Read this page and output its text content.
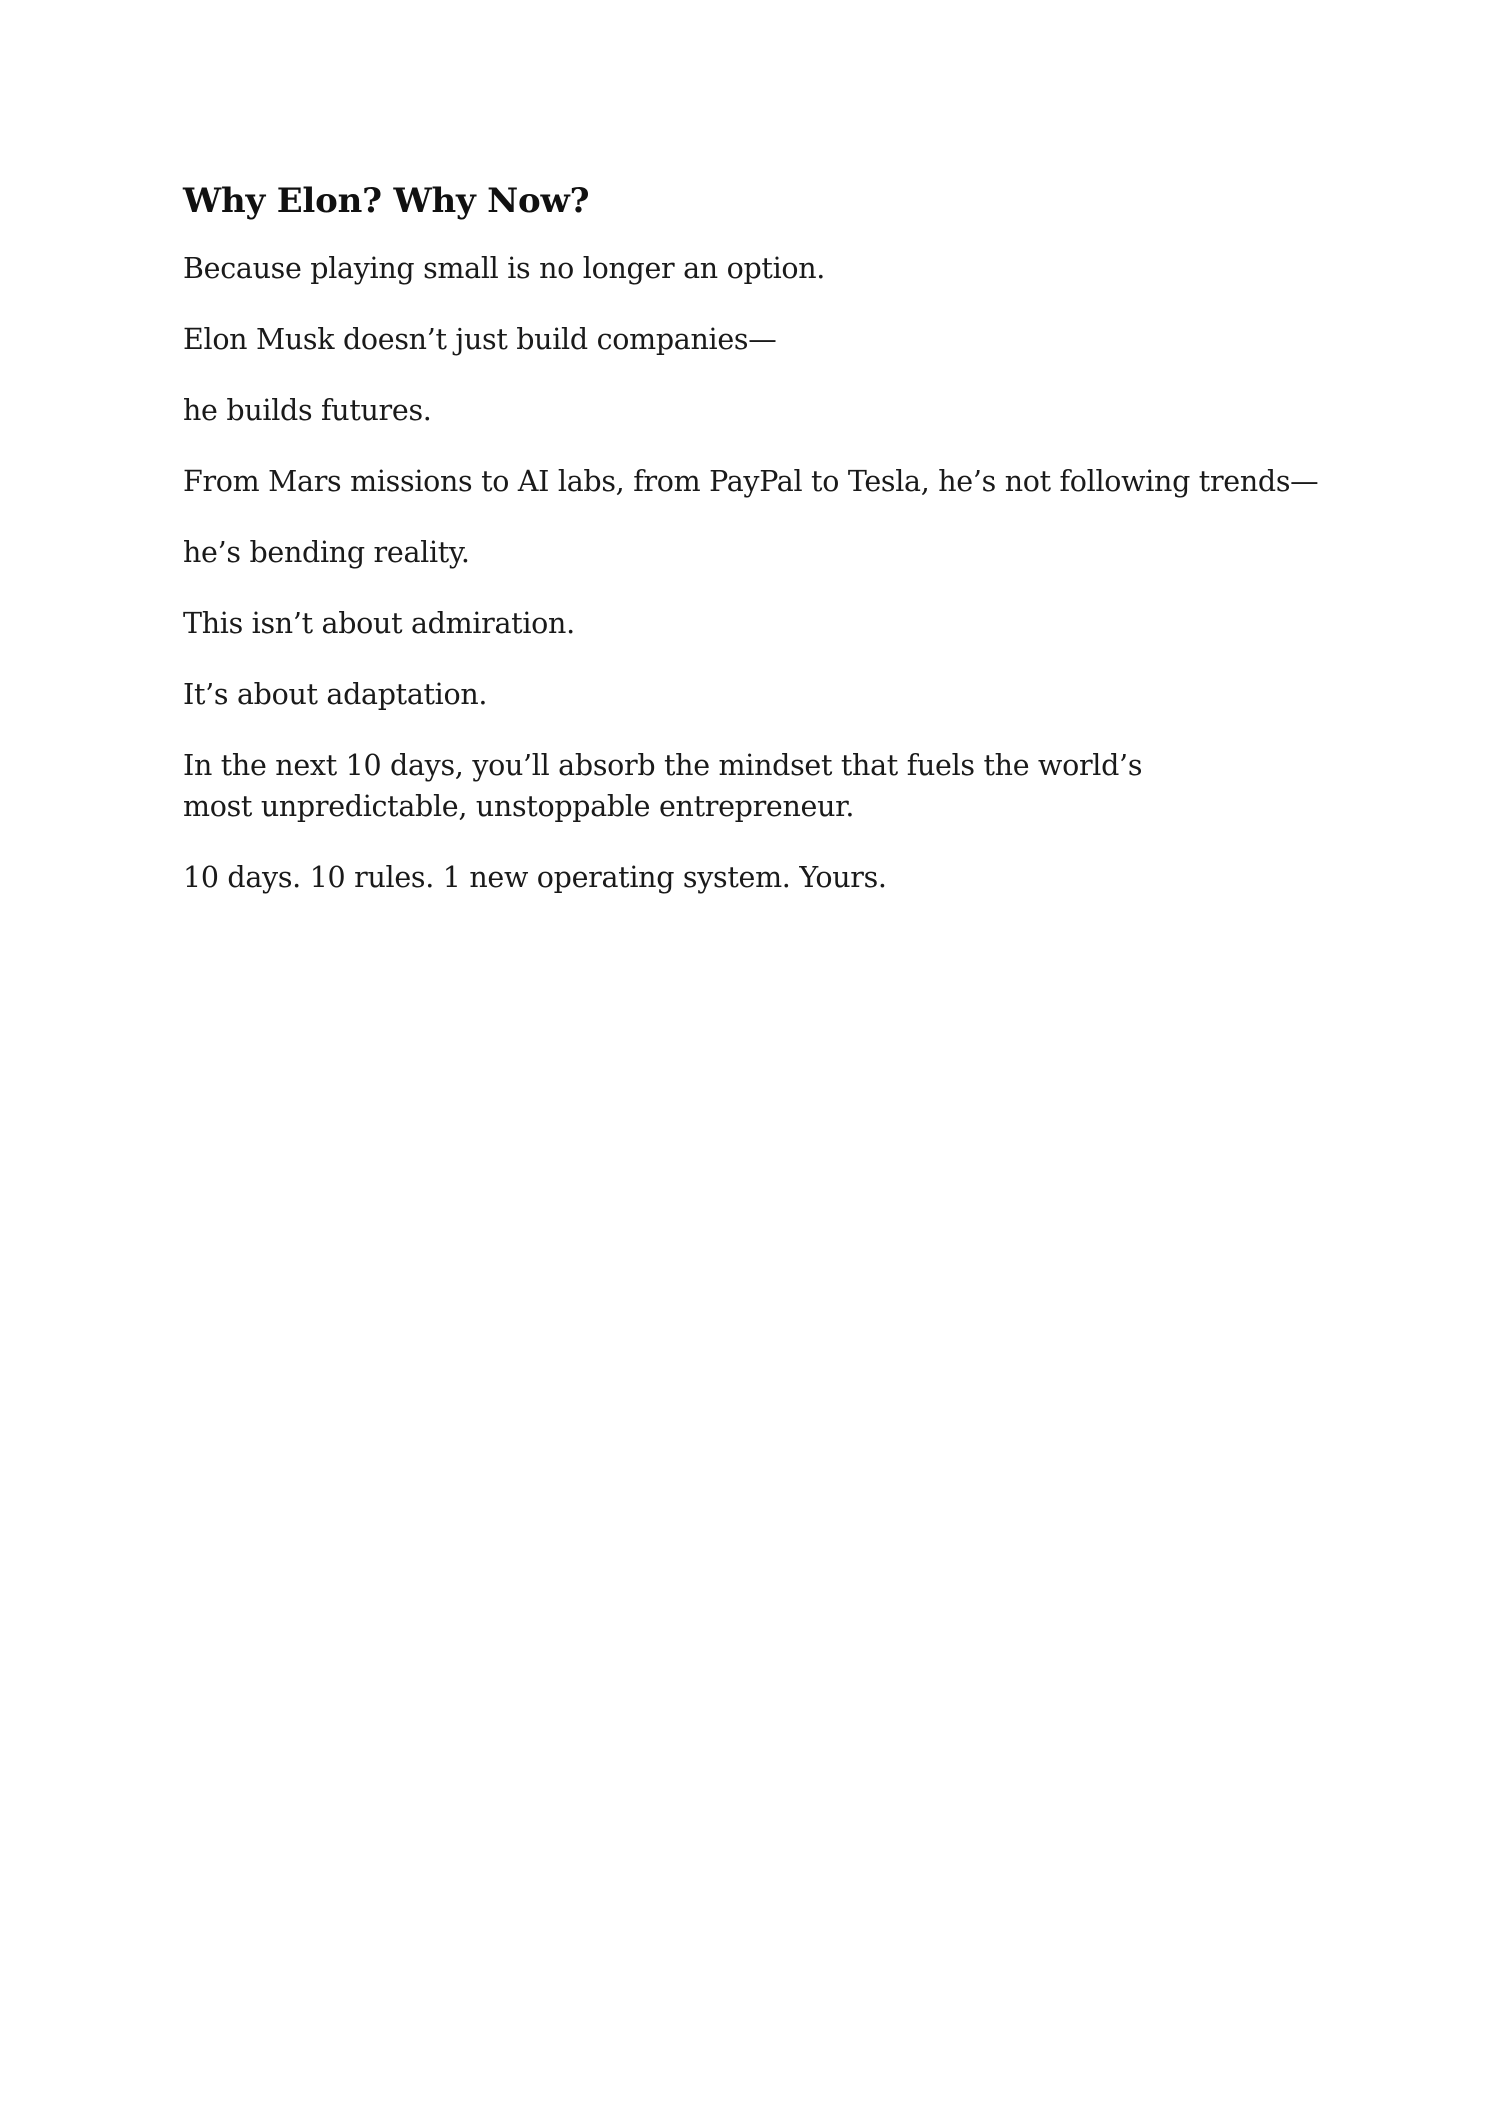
Why Elon? Why Now?

Because playing small is no longer an option.

Elon Musk doesn’t just build companies—

he builds futures.

From Mars missions to AI labs, from PayPal to Tesla, he’s not following trends—

he’s bending reality.

This isn’t about admiration.

It’s about adaptation.

In the next 10 days, you’ll absorb the mindset that fuels the world’s most unpredictable, unstoppable entrepreneur.

10 days. 10 rules. 1 new operating system. Yours.
